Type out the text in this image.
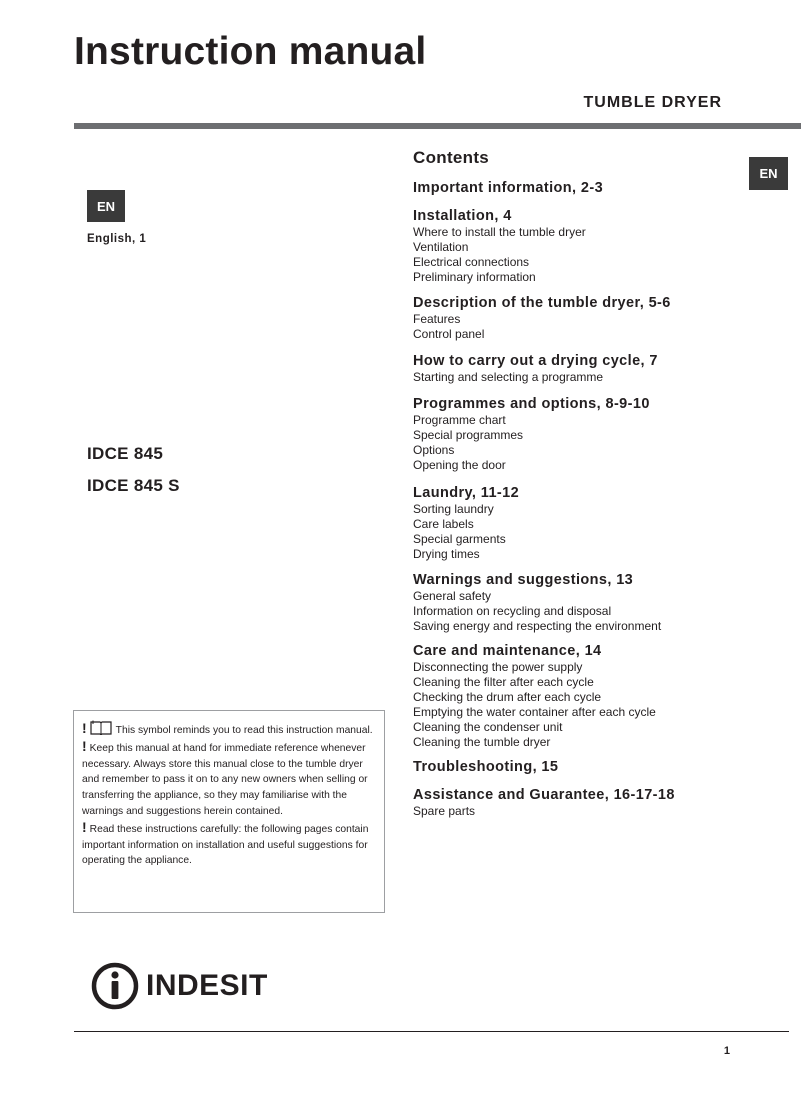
Instruction manual
TUMBLE DRYER
EN
English, 1
EN
IDCE 845
IDCE 845 S
Contents
Important information, 2-3
Installation, 4
Where to install the tumble dryer
Ventilation
Electrical connections
Preliminary information
Description of the tumble dryer, 5-6
Features
Control panel
How to carry out a drying cycle, 7
Starting and selecting a programme
Programmes and options, 8-9-10
Programme chart
Special programmes
Options
Opening the door
Laundry, 11-12
Sorting laundry
Care labels
Special garments
Drying times
Warnings and suggestions, 13
General safety
Information on recycling and disposal
Saving energy and respecting the environment
Care and maintenance, 14
Disconnecting the power supply
Cleaning the filter after each cycle
Checking the drum after each cycle
Emptying the water container after each cycle
Cleaning the condenser unit
Cleaning the tumble dryer
Troubleshooting, 15
Assistance and Guarantee, 16-17-18
Spare parts

!	This symbol reminds you to read this instruction manual.

! Keep this manual at hand for immediate reference whenever necessary. Always store this manual close to the tumble dryer and remember to pass it on to any new owners when selling or transferring the appliance, so they may familiarise with the warnings and suggestions herein contained.

! Read these instructions carefully: the following pages contain important information on installation and useful suggestions for operating the appliance.

INDESIT
1
